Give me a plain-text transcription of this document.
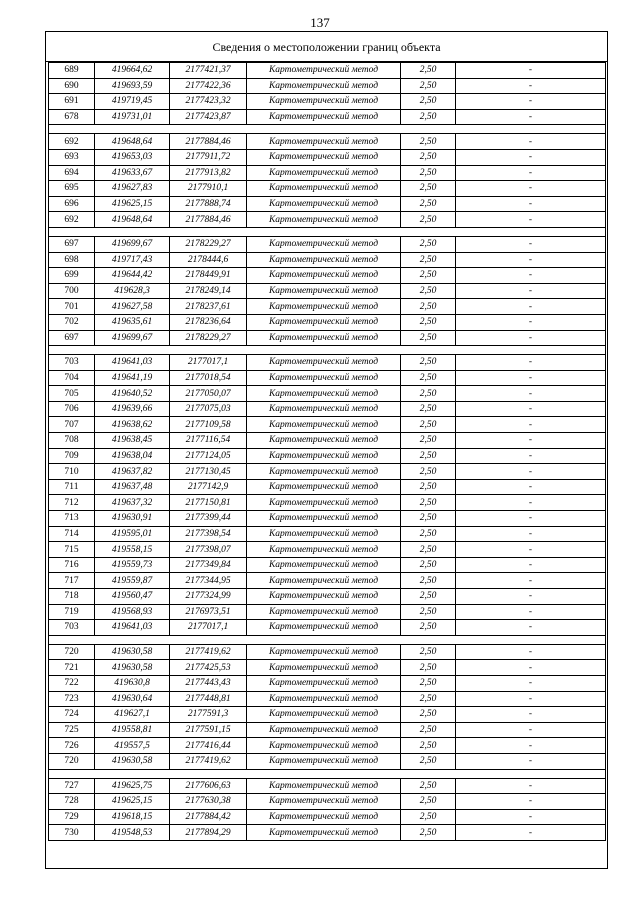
137
Сведения о местоположении границ объекта
689	419664,62	2177421,37	Картометрический метод	2,50	-
690	419693,59	2177422,36	Картометрический метод	2,50	-
691	419719,45	2177423,32	Картометрический метод	2,50	-
678	419731,01	2177423,87	Картометрический метод	2,50	-

692	419648,64	2177884,46	Картометрический метод	2,50	-
693	419653,03	2177911,72	Картометрический метод	2,50	-
694	419633,67	2177913,82	Картометрический метод	2,50	-
695	419627,83	2177910,1	Картометрический метод	2,50	-
696	419625,15	2177888,74	Картометрический метод	2,50	-
692	419648,64	2177884,46	Картометрический метод	2,50	-

697	419699,67	2178229,27	Картометрический метод	2,50	-
698	419717,43	2178444,6	Картометрический метод	2,50	-
699	419644,42	2178449,91	Картометрический метод	2,50	-
700	419628,3	2178249,14	Картометрический метод	2,50	-
701	419627,58	2178237,61	Картометрический метод	2,50	-
702	419635,61	2178236,64	Картометрический метод	2,50	-
697	419699,67	2178229,27	Картометрический метод	2,50	-

703	419641,03	2177017,1	Картометрический метод	2,50	-
704	419641,19	2177018,54	Картометрический метод	2,50	-
705	419640,52	2177050,07	Картометрический метод	2,50	-
706	419639,66	2177075,03	Картометрический метод	2,50	-
707	419638,62	2177109,58	Картометрический метод	2,50	-
708	419638,45	2177116,54	Картометрический метод	2,50	-
709	419638,04	2177124,05	Картометрический метод	2,50	-
710	419637,82	2177130,45	Картометрический метод	2,50	-
711	419637,48	2177142,9	Картометрический метод	2,50	-
712	419637,32	2177150,81	Картометрический метод	2,50	-
713	419630,91	2177399,44	Картометрический метод	2,50	-
714	419595,01	2177398,54	Картометрический метод	2,50	-
715	419558,15	2177398,07	Картометрический метод	2,50	-
716	419559,73	2177349,84	Картометрический метод	2,50	-
717	419559,87	2177344,95	Картометрический метод	2,50	-
718	419560,47	2177324,99	Картометрический метод	2,50	-
719	419568,93	2176973,51	Картометрический метод	2,50	-
703	419641,03	2177017,1	Картометрический метод	2,50	-

720	419630,58	2177419,62	Картометрический метод	2,50	-
721	419630,58	2177425,53	Картометрический метод	2,50	-
722	419630,8	2177443,43	Картометрический метод	2,50	-
723	419630,64	2177448,81	Картометрический метод	2,50	-
724	419627,1	2177591,3	Картометрический метод	2,50	-
725	419558,81	2177591,15	Картометрический метод	2,50	-
726	419557,5	2177416,44	Картометрический метод	2,50	-
720	419630,58	2177419,62	Картометрический метод	2,50	-

727	419625,75	2177606,63	Картометрический метод	2,50	-
728	419625,15	2177630,38	Картометрический метод	2,50	-
729	419618,15	2177884,42	Картометрический метод	2,50	-
730	419548,53	2177894,29	Картометрический метод	2,50	-
